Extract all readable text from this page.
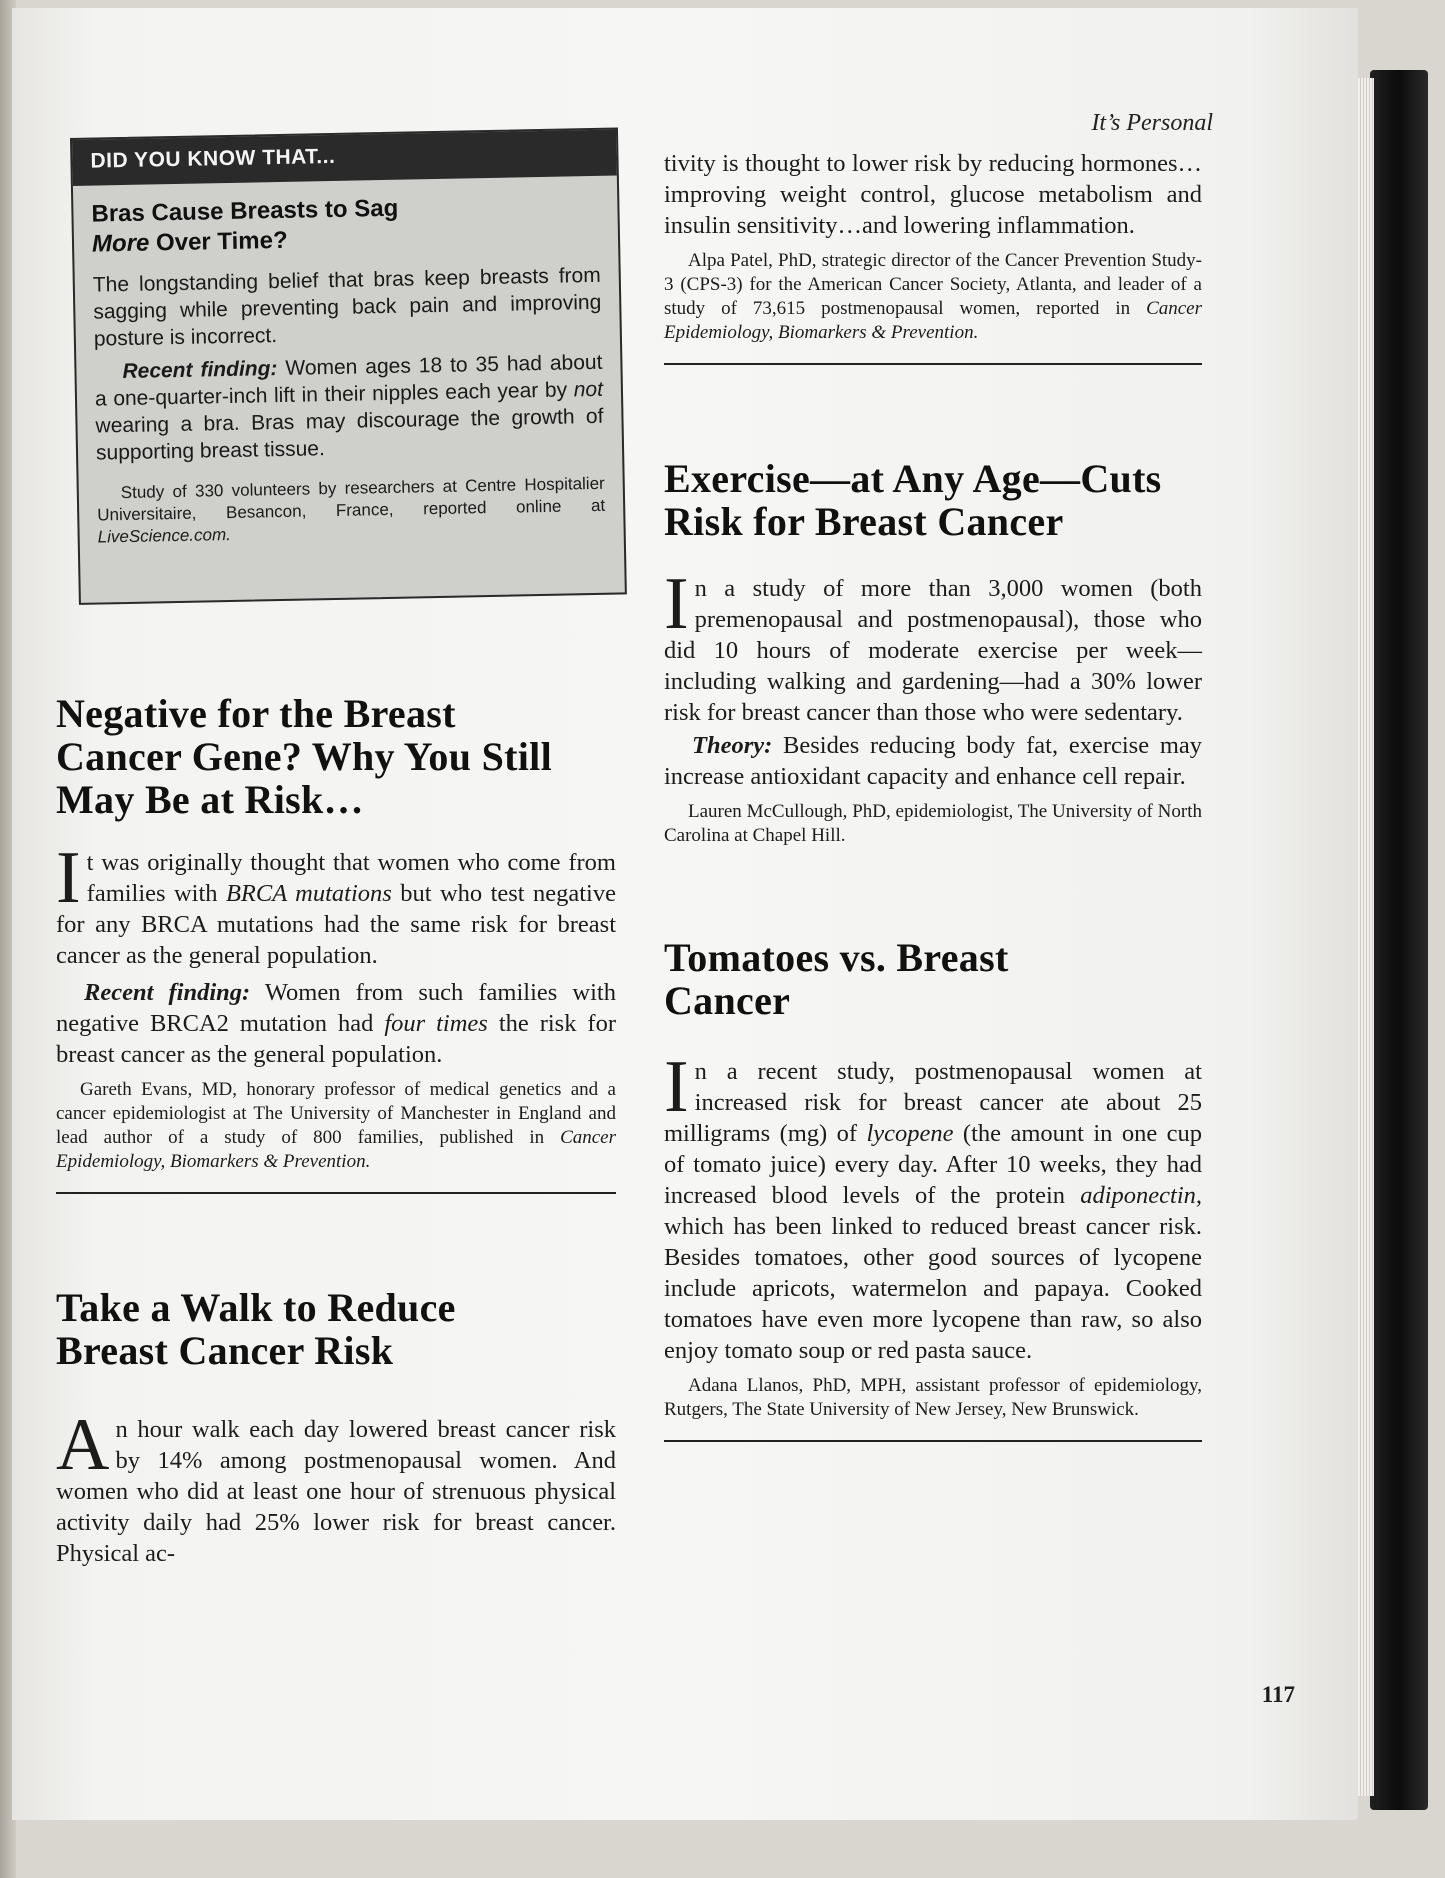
It’s Personal
DID YOU KNOW THAT...
Bras Cause Breasts to Sag
More Over Time?

The longstanding belief that bras keep breasts from sagging while preventing back pain and improving posture is incorrect.

Recent finding: Women ages 18 to 35 had about a one-quarter-inch lift in their nipples each year by not wearing a bra. Bras may discourage the growth of supporting breast tissue.

Study of 330 volunteers by researchers at Centre Hospitalier Universitaire, Besancon, France, reported online at LiveScience.com.
Negative for the Breast Cancer Gene? Why You Still May Be at Risk…

It was originally thought that women who come from families with BRCA mutations but who test negative for any BRCA mutations had the same risk for breast cancer as the general population.

Recent finding: Women from such families with negative BRCA2 mutation had four times the risk for breast cancer as the general population.

Gareth Evans, MD, honorary professor of medical genetics and a cancer epidemiologist at The University of Manchester in England and lead author of a study of 800 families, published in Cancer Epidemiology, Biomarkers & Prevention.
Take a Walk to Reduce Breast Cancer Risk

An hour walk each day lowered breast cancer risk by 14% among postmenopausal women. And women who did at least one hour of strenuous physical activity daily had 25% lower risk for breast cancer. Physical ac-

tivity is thought to lower risk by reducing hormones…improving weight control, glucose metabolism and insulin sensitivity…and lowering inflammation.
Alpa Patel, PhD, strategic director of the Cancer Prevention Study-3 (CPS-3) for the American Cancer Society, Atlanta, and leader of a study of 73,615 postmenopausal women, reported in Cancer Epidemiology, Biomarkers & Prevention.
Exercise—at Any Age—Cuts Risk for Breast Cancer

In a study of more than 3,000 women (both premenopausal and postmenopausal), those who did 10 hours of moderate exercise per week—including walking and gardening—had a 30% lower risk for breast cancer than those who were sedentary.

Theory: Besides reducing body fat, exercise may increase antioxidant capacity and enhance cell repair.

Lauren McCullough, PhD, epidemiologist, The University of North Carolina at Chapel Hill.
Tomatoes vs. Breast Cancer

In a recent study, postmenopausal women at increased risk for breast cancer ate about 25 milligrams (mg) of lycopene (the amount in one cup of tomato juice) every day. After 10 weeks, they had increased blood levels of the protein adiponectin, which has been linked to reduced breast cancer risk. Besides tomatoes, other good sources of lycopene include apricots, watermelon and papaya. Cooked tomatoes have even more lycopene than raw, so also enjoy tomato soup or red pasta sauce.

Adana Llanos, PhD, MPH, assistant professor of epidemiology, Rutgers, The State University of New Jersey, New Brunswick.
117
